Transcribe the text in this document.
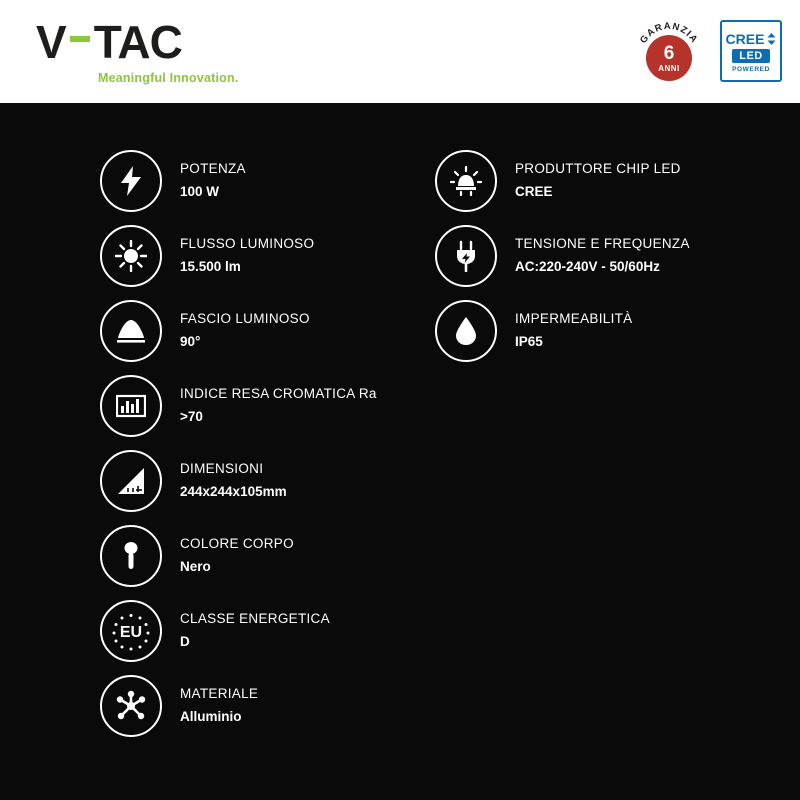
V TAC
Meaningful Innovation.
GARANZIA
6
ANNI
CREE
LED
POWERED
POTENZA
100 W
FLUSSO LUMINOSO
15.500 lm
FASCIO LUMINOSO
90°
INDICE RESA CROMATICA Ra
>70
DIMENSIONI
244x244x105mm
COLORE CORPO
Nero
EU
CLASSE ENERGETICA
D
MATERIALE
Alluminio
PRODUTTORE CHIP LED
CREE
TENSIONE E FREQUENZA
AC:220-240V - 50/60Hz
IMPERMEABILITÀ
IP65
